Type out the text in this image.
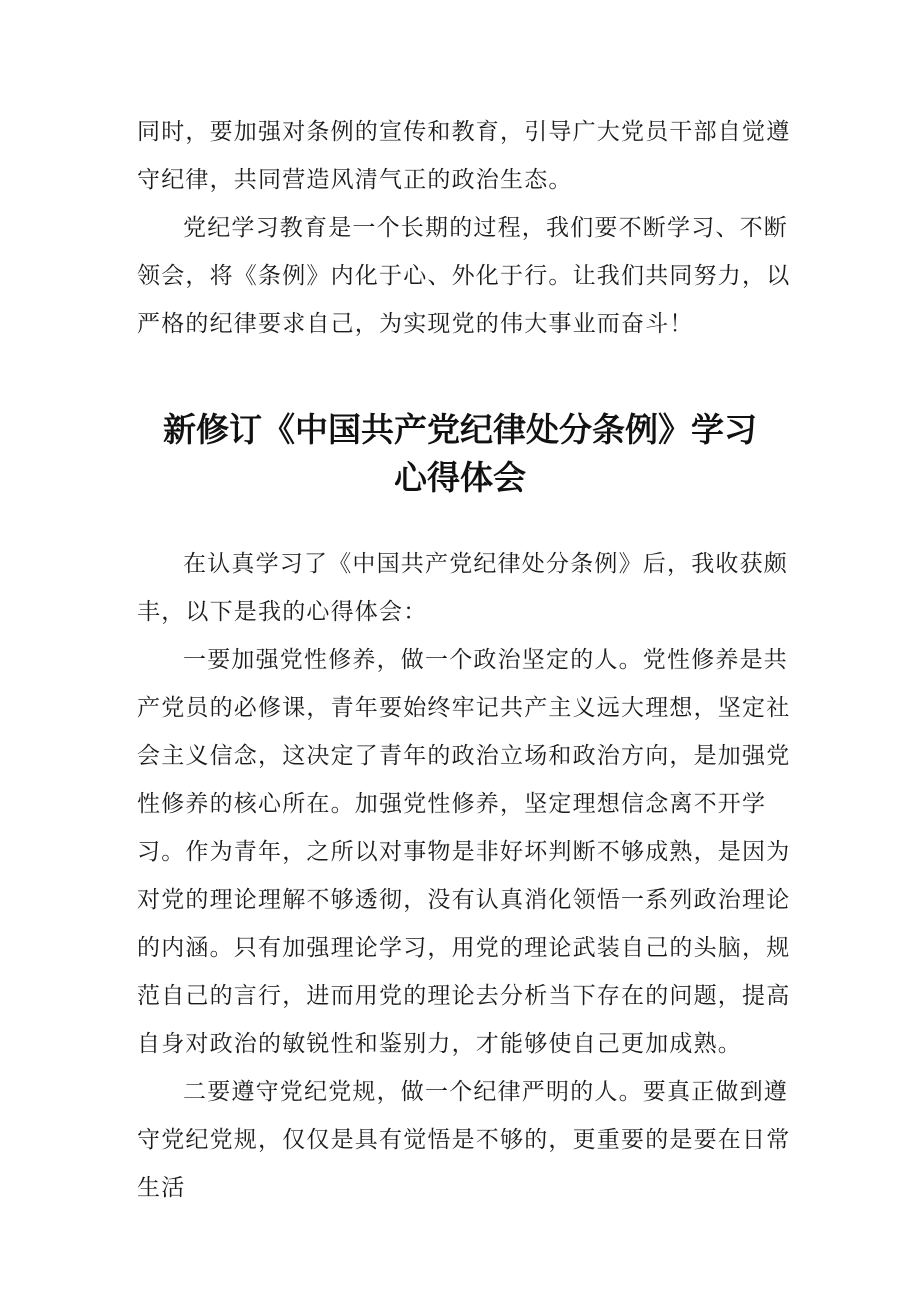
同时，要加强对条例的宣传和教育，引导广大党员干部自觉遵守纪律，共同营造风清气正的政治生态。

党纪学习教育是一个长期的过程，我们要不断学习、不断领会，将《条例》内化于心、外化于行。让我们共同努力，以严格的纪律要求自己，为实现党的伟大事业而奋斗！

新修订《中国共产党纪律处分条例》学习
心得体会

在认真学习了《中国共产党纪律处分条例》后，我收获颇丰，以下是我的心得体会：

一要加强党性修养，做一个政治坚定的人。党性修养是共产党员的必修课，青年要始终牢记共产主义远大理想，坚定社会主义信念，这决定了青年的政治立场和政治方向，是加强党性修养的核心所在。加强党性修养，坚定理想信念离不开学习。作为青年，之所以对事物是非好坏判断不够成熟，是因为对党的理论理解不够透彻，没有认真消化领悟一系列政治理论的内涵。只有加强理论学习，用党的理论武装自己的头脑，规范自己的言行，进而用党的理论去分析当下存在的问题，提高自身对政治的敏锐性和鉴别力，才能够使自己更加成熟。

二要遵守党纪党规，做一个纪律严明的人。要真正做到遵守党纪党规，仅仅是具有觉悟是不够的，更重要的是要在日常生活
